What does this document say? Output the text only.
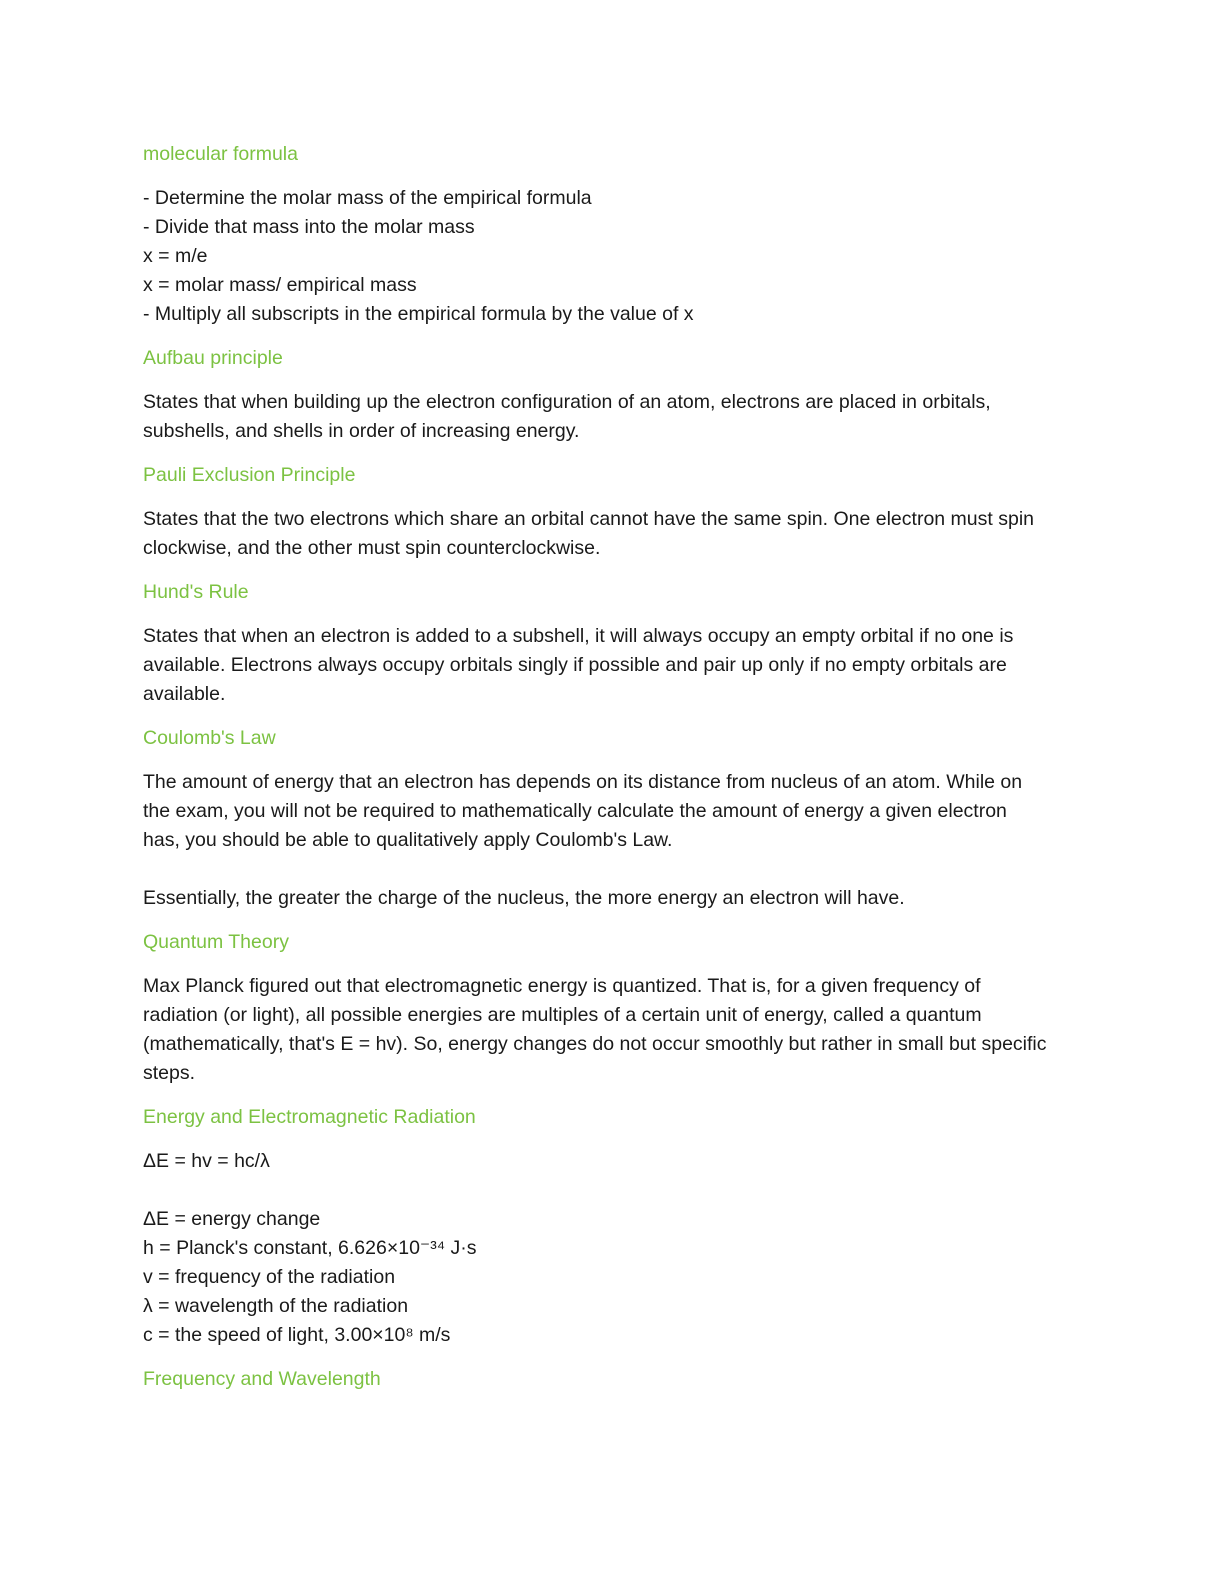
molecular formula
- Determine the molar mass of the empirical formula
- Divide that mass into the molar mass
x = m/e
x = molar mass/ empirical mass
- Multiply all subscripts in the empirical formula by the value of x
Aufbau principle
States that when building up the electron configuration of an atom, electrons are placed in orbitals,
subshells, and shells in order of increasing energy.
Pauli Exclusion Principle
States that the two electrons which share an orbital cannot have the same spin. One electron must spin
clockwise, and the other must spin counterclockwise.
Hund's Rule
States that when an electron is added to a subshell, it will always occupy an empty orbital if no one is
available. Electrons always occupy orbitals singly if possible and pair up only if no empty orbitals are
available.
Coulomb's Law
The amount of energy that an electron has depends on its distance from nucleus of an atom. While on
the exam, you will not be required to mathematically calculate the amount of energy a given electron
has, you should be able to qualitatively apply Coulomb's Law.
Essentially, the greater the charge of the nucleus, the more energy an electron will have.
Quantum Theory
Max Planck figured out that electromagnetic energy is quantized. That is, for a given frequency of
radiation (or light), all possible energies are multiples of a certain unit of energy, called a quantum
(mathematically, that's E = hv). So, energy changes do not occur smoothly but rather in small but specific
steps.
Energy and Electromagnetic Radiation
ΔE = hv = hc/λ
ΔE = energy change
h = Planck's constant, 6.626×10⁻³⁴ J·s
v = frequency of the radiation
λ = wavelength of the radiation
c = the speed of light, 3.00×10⁸ m/s
Frequency and Wavelength
